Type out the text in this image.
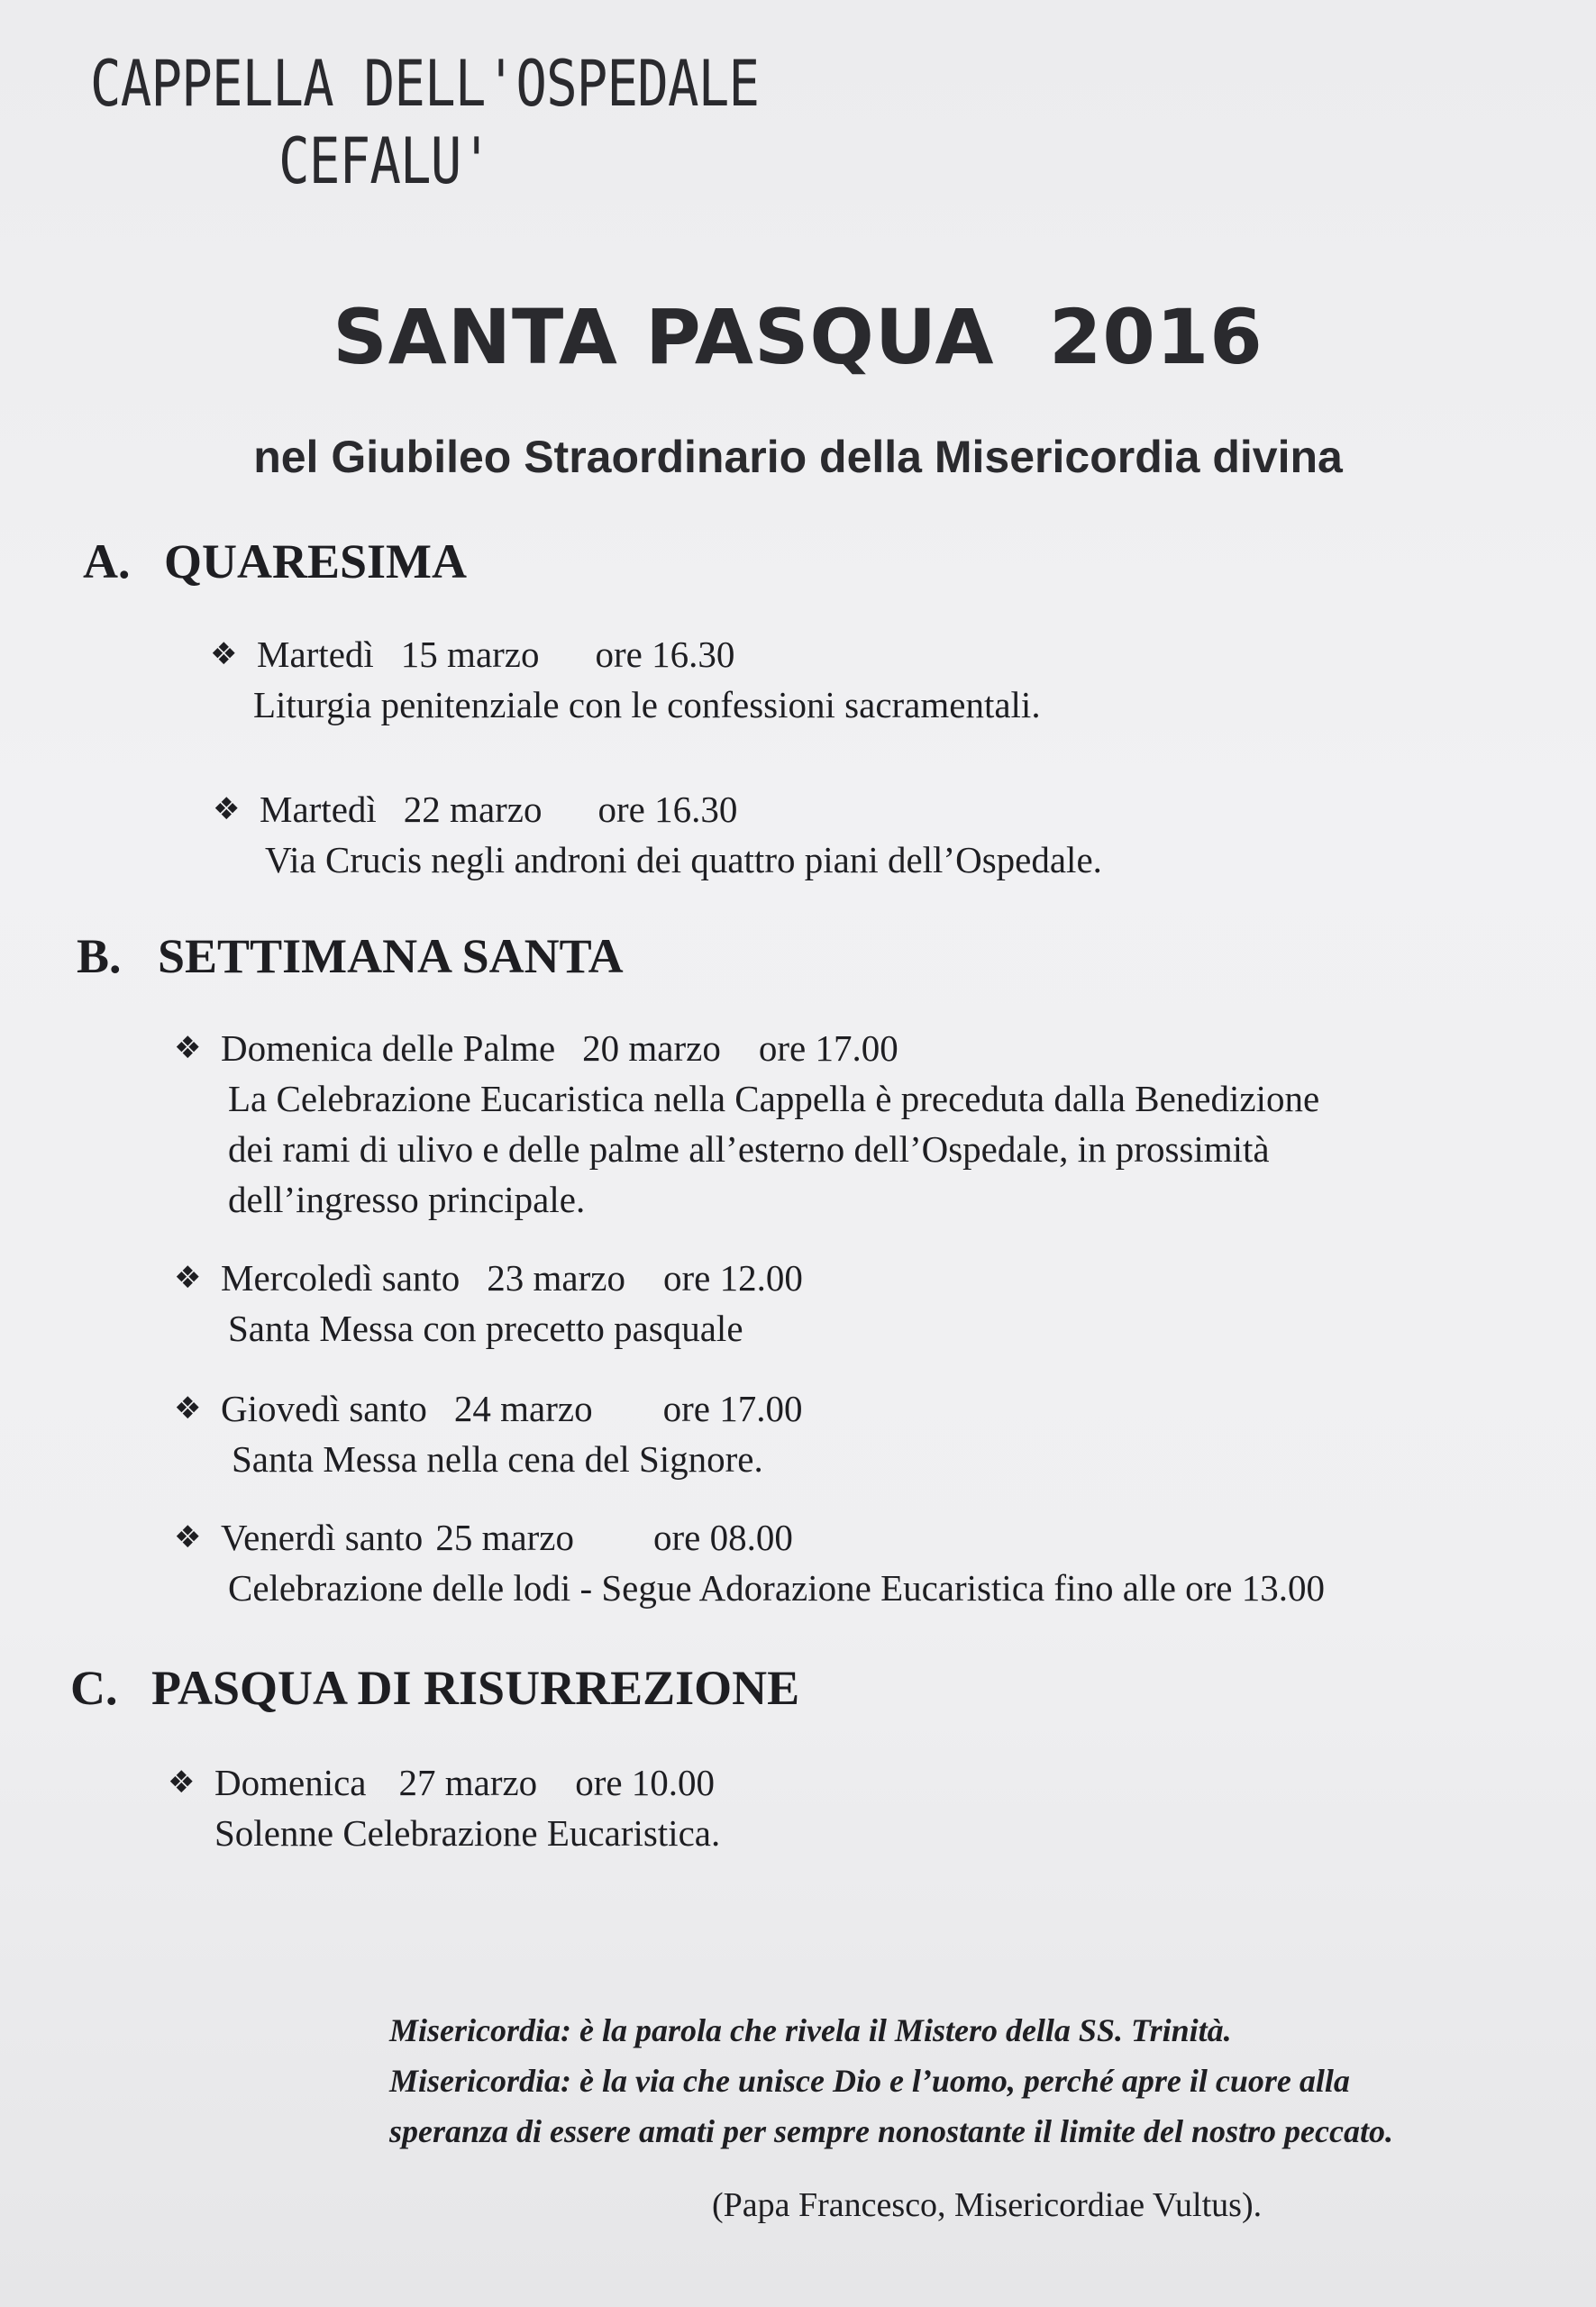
CAPPELLA DELL'OSPEDALE
CEFALU'
SANTA PASQUA  2016
nel Giubileo Straordinario della Misericordia divina
A. QUARESIMA
❖ Martedì 15 marzo ore 16.30
Liturgia penitenziale con le confessioni sacramentali.
❖ Martedì 22 marzo ore 16.30
Via Crucis negli androni dei quattro piani dell’Ospedale.
B. SETTIMANA SANTA
❖ Domenica delle Palme 20 marzo ore 17.00
La Celebrazione Eucaristica nella Cappella è preceduta dalla Benedizione
dei rami di ulivo e delle palme all’esterno dell’Ospedale, in prossimità
dell’ingresso principale.
❖ Mercoledì santo 23 marzo ore 12.00
Santa Messa con precetto pasquale
❖ Giovedì santo 24 marzo ore 17.00
Santa Messa nella cena del Signore.
❖ Venerdì santo 25 marzo ore 08.00
Celebrazione delle lodi - Segue Adorazione Eucaristica fino alle ore 13.00
C. PASQUA DI RISURREZIONE
❖ Domenica 27 marzo ore 10.00
Solenne Celebrazione Eucaristica.
Misericordia: è la parola che rivela il Mistero della SS. Trinità.
Misericordia: è la via che unisce Dio e l’uomo, perché apre il cuore alla
speranza di essere amati per sempre nonostante il limite del nostro peccato.
(Papa Francesco, Misericordiae Vultus).
